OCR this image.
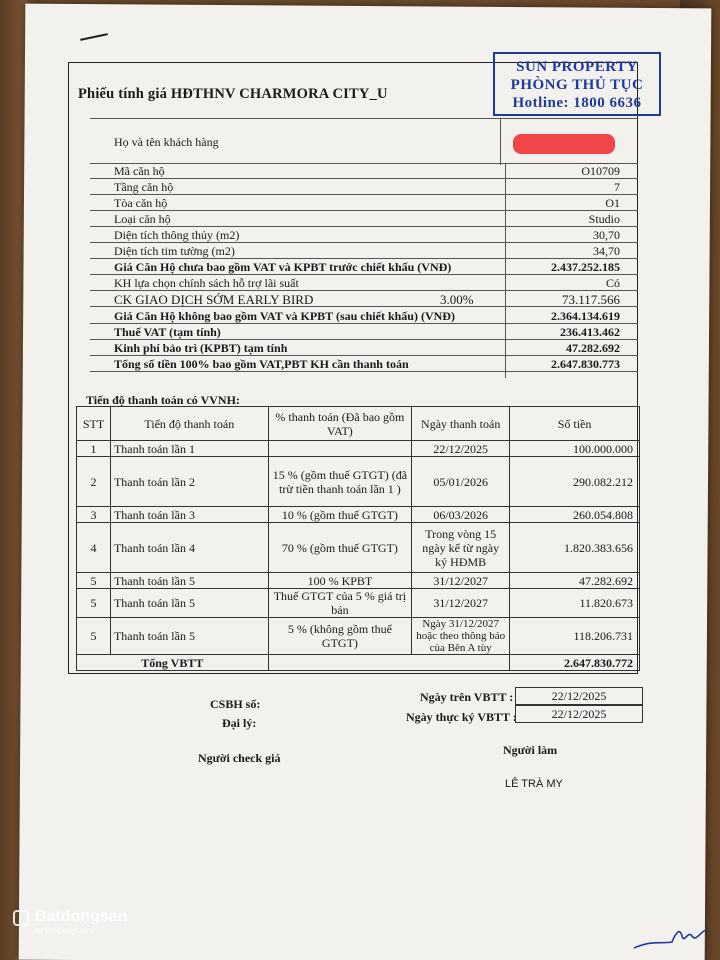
Phiếu tính giá HĐTHNV CHARMORA CITY_U
SUN PROPERTY
PHÒNG THỦ TỤC
Hotline: 1800 6636
Họ và tên khách hàng
Mã căn hộ	O10709
Tầng căn hộ	7
Tòa căn hộ	O1
Loại căn hộ	Studio
Diện tích thông thủy (m2)	30,70
Diện tích tim tường (m2)	34,70
Giá Căn Hộ chưa bao gồm VAT và KPBT trước chiết khấu (VNĐ)	2.437.252.185
KH lựa chọn chính sách hỗ trợ lãi suất	Có
CK GIAO DỊCH SỚM EARLY BIRD	3.00%	73.117.566
Giá Căn Hộ không bao gồm VAT và KPBT (sau chiết khấu) (VNĐ)	2.364.134.619
Thuế VAT (tạm tính)	236.413.462
Kinh phí bảo trì (KPBT) tạm tính	47.282.692
Tổng số tiền 100% bao gồm VAT,PBT KH cần thanh toán	2.647.830.773
Tiến độ thanh toán có VVNH:
STT	Tiến độ thanh toán	% thanh toán (Đã bao gồm VAT)	Ngày thanh toán	Số tiền
1	Thanh toán lần 1		22/12/2025	100.000.000
2	Thanh toán lần 2	15 % (gồm thuế GTGT) (đã trừ tiền thanh toán lần 1 )	05/01/2026	290.082.212
3	Thanh toán lần 3	10 % (gồm thuế GTGT)	06/03/2026	260.054.808
4	Thanh toán lần 4	70 % (gồm thuế GTGT)	Trong vòng 15 ngày kể từ ngày ký HĐMB	1.820.383.656
5	Thanh toán lần 5	100 % KPBT	31/12/2027	47.282.692
5	Thanh toán lần 5	Thuế GTGT của 5 % giá trị bán	31/12/2027	11.820.673
5	Thanh toán lần 5	5 % (không gồm thuế GTGT)	Ngày 31/12/2027 hoặc theo thông báo của Bên A tùy	118.206.731
Tổng VBTT				2.647.830.772
CSBH số:
Đại lý:
Ngày trên VBTT :	22/12/2025
Ngày thực ký VBTT :	22/12/2025
Người check giá
Người làm
LÊ TRÀ MY
Batdongsan
by PropertyGuru
